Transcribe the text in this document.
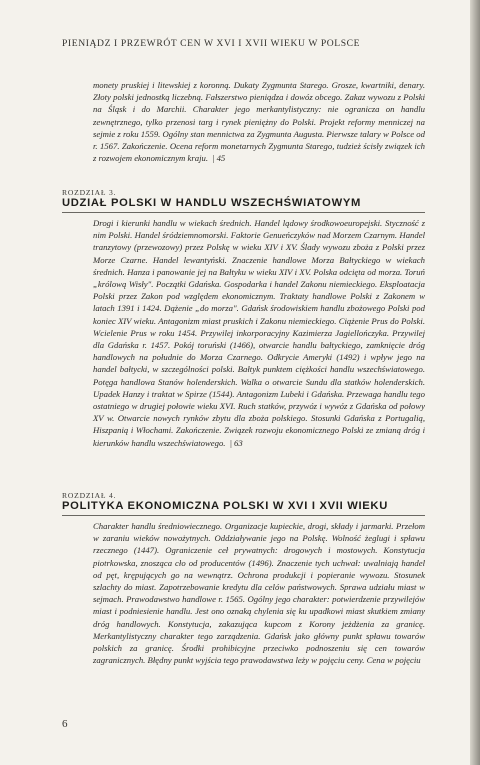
PIENIĄDZ I PRZEWRÓT CEN W XVI I XVII WIEKU W POLSCE
monety pruskiej i litewskiej z koronną. Dukaty Zygmunta Starego. Grosze, kwartniki, denary. Złoty polski jednostką liczebną. Fałszerstwo pieniądza i dowóz obcego. Zakaz wywozu z Polski na Śląsk i do Marchii. Charakter jego merkantylistyczny: nie ogranicza on handlu zewnętrznego, tylko przenosi targ i rynek pieniężny do Polski. Projekt reformy menniczej na sejmie z roku 1559. Ogólny stan mennictwa za Zygmunta Augusta. Pierwsze talary w Polsce od r. 1567. Zakończenie. Ocena reform monetarnych Zygmunta Starego, tudzież ścisły związek ich z rozwojem ekonomicznym kraju. | 45
ROZDZIAŁ 3.
UDZIAŁ POLSKI W HANDLU WSZECHŚWIATOWYM
Drogi i kierunki handlu w wiekach średnich. Handel lądowy środkowoeuropejski. Styczność z nim Polski. Handel śródziemnomorski. Faktorie Genueńczyków nad Morzem Czarnym. Handel tranzytowy (przewozowy) przez Polskę w wieku XIV i XV. Ślady wywozu zboża z Polski przez Morze Czarne. Handel lewantyński. Znaczenie handlowe Morza Bałtyckiego w wiekach średnich. Hanza i panowanie jej na Bałtyku w wieku XIV i XV. Polska odcięta od morza. Toruń „królową Wisły". Początki Gdańska. Gospodarka i handel Zakonu niemieckiego. Eksploatacja Polski przez Zakon pod względem ekonomicznym. Traktaty handlowe Polski z Zakonem w latach 1391 i 1424. Dążenie „do morza". Gdańsk środowiskiem handlu zbożowego Polski pod koniec XIV wieku. Antagonizm miast pruskich i Zakonu niemieckiego. Ciążenie Prus do Polski. Wcielenie Prus w roku 1454. Przywilej inkorporacyjny Kazimierza Jagiellończyka. Przywilej dla Gdańska r. 1457. Pokój toruński (1466), otwarcie handlu bałtyckiego, zamknięcie dróg handlowych na południe do Morza Czarnego. Odkrycie Ameryki (1492) i wpływ jego na handel bałtycki, w szczególności polski. Bałtyk punktem ciężkości handlu wszechświatowego. Potęga handlowa Stanów holenderskich. Walka o otwarcie Sundu dla statków holenderskich. Upadek Hanzy i traktat w Spirze (1544). Antagonizm Lubeki i Gdańska. Przewaga handlu tego ostatniego w drugiej połowie wieku XVI. Ruch statków, przywóz i wywóz z Gdańska od połowy XV w. Otwarcie nowych rynków zbytu dla zboża polskiego. Stosunki Gdańska z Portugalią, Hiszpanią i Włochami. Zakończenie. Związek rozwoju ekonomicznego Polski ze zmianą dróg i kierunków handlu wszechświatowego. | 63
ROZDZIAŁ 4.
POLITYKA EKONOMICZNA POLSKI W XVI I XVII WIEKU
Charakter handlu średniowiecznego. Organizacje kupieckie, drogi, składy i jarmarki. Przełom w zaraniu wieków nowożytnych. Oddziaływanie jego na Polskę. Wolność żeglugi i spławu rzecznego (1447). Ograniczenie ceł prywatnych: drogowych i mostowych. Konstytucja piotrkowska, znosząca cło od producentów (1496). Znaczenie tych uchwał: uwalniają handel od pęt, krępujących go na wewnątrz. Ochrona produkcji i popieranie wywozu. Stosunek szlachty do miast. Zapotrzebowanie kredytu dla celów państwowych. Sprawa udziału miast w sejmach. Prawodawstwo handlowe r. 1565. Ogólny jego charakter: potwierdzenie przywilejów miast i podniesienie handlu. Jest ono oznaką chylenia się ku upadkowi miast skutkiem zmiany dróg handlowych. Konstytucja, zakazująca kupcom z Korony jeżdżenia za granicę. Merkantylistyczny charakter tego zarządzenia. Gdańsk jako główny punkt spławu towarów polskich za granicę. Środki prohibicyjne przeciwko podnoszeniu się cen towarów zagranicznych. Błędny punkt wyjścia tego prawodawstwa leży w pojęciu ceny. Cena w pojęciu
6
